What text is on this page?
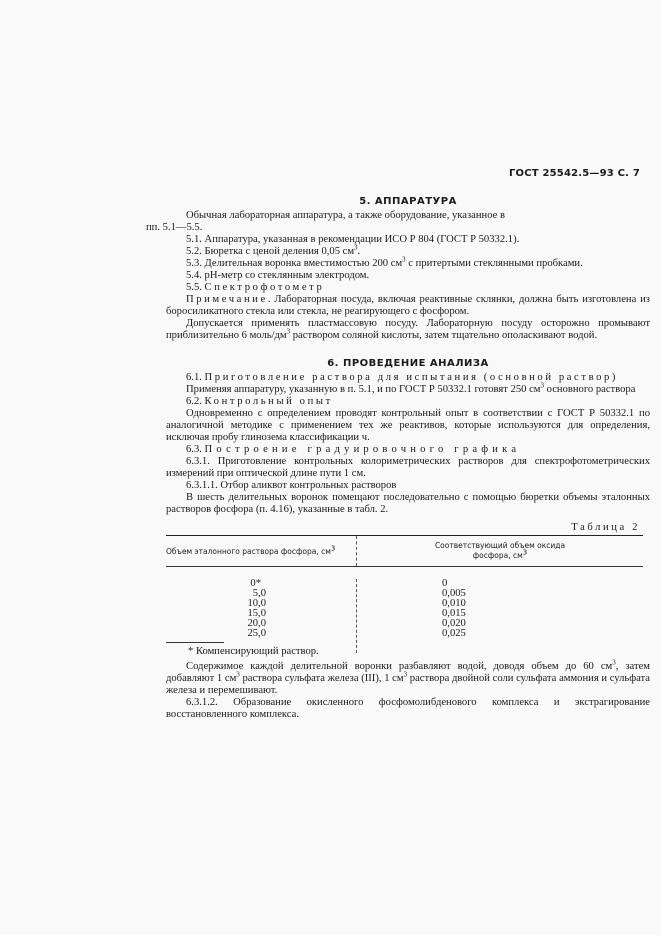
ГОСТ 25542.5—93 С. 7
5. АППАРАТУРА

Обычная лабораторная аппаратура, а также оборудование, указанное в
пп. 5.1—5.5.

5.1. Аппаратура, указанная в рекомендации ИСО Р 804 (ГОСТ Р 50332.1).

5.2. Бюретка с ценой деления 0,05 $см^3$.

5.3. Делительная воронка вместимостью 200 $см^3$ с притертыми стеклянными пробками.

5.4. pH-метр со стеклянным электродом.

5.5. Спектрофотометр

Примечание. Лабораторная посуда, включая реактивные склянки, должна быть изготовлена из боросиликатного стекла или стекла, не реагирующего с фосфором.

Допускается применять пластмассовую посуду. Лабораторную посуду осторожно промывают приблизительно 6 моль/$дм^3$ раствором соляной кислоты, затем тщательно ополаскивают водой.

6. ПРОВЕДЕНИЕ АНАЛИЗА

6.1. Приготовление раствора для испытания (основной раствор)

Применяя аппаратуру, указанную в п. 5.1, и по ГОСТ Р 50332.1 готовят 250 $см^3$ основного раствора

6.2. Контрольный опыт

Одновременно с определением проводят контрольный опыт в соответствии с ГОСТ Р 50332.1 по аналогичной методике с применением тех же реактивов, которые используются для определения, исключая пробу глинозема классификации ч.

6.3. Построение градуировочного графика

6.3.1. Приготовление контрольных колориметрических растворов для спектрофотометрических измерений при оптической длине пути 1 см.

6.3.1.1. Отбор аликвот контрольных растворов

В шесть делительных воронок помещают последовательно с помощью бюретки объемы эталонных растворов фосфора (п. 4.16), указанные в табл. 2.

Таблица 2
Объем эталонного раствора фосфора, $см^3$	Соответствующий объем оксида
фосфора, $см^3$
0*
5,0
10,0
15,0
20,0
25,0
0
0,005
0,010
0,015
0,020
0,025
* Компенсирующий раствор.

Содержимое каждой делительной воронки разбавляют водой, доводя объем до 60 $см^3$, затем добавляют 1 $см^3$ раствора сульфата железа (III), 1 $см^3$ раствора двойной соли сульфата аммония и сульфата железа и перемешивают.

6.3.1.2. Образование окисленного фосфомолибденового комплекса и экстрагирование восстановленного комплекса.
